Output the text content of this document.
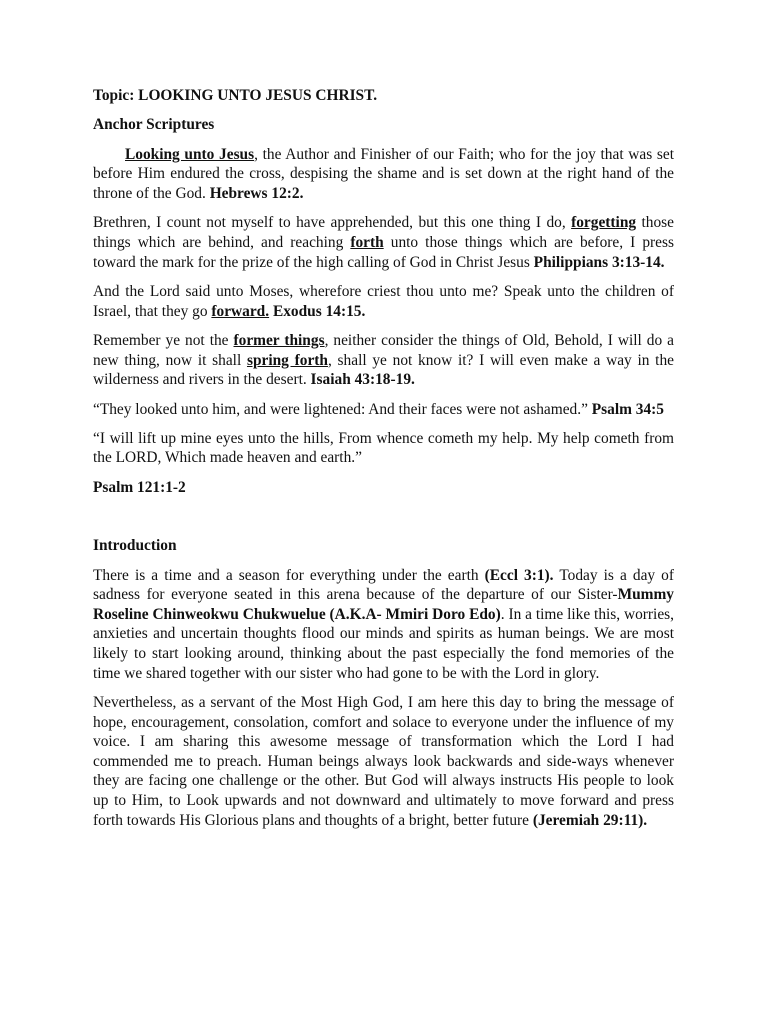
Topic: LOOKING UNTO JESUS CHRIST.

Anchor Scriptures

Looking unto Jesus, the Author and Finisher of our Faith; who for the joy that was set before Him endured the cross, despising the shame and is set down at the right hand of the throne of the God. Hebrews 12:2.

Brethren, I count not myself to have apprehended, but this one thing I do, forgetting those things which are behind, and reaching forth unto those things which are before, I press toward the mark for the prize of the high calling of God in Christ Jesus Philippians 3:13-14.

And the Lord said unto Moses, wherefore criest thou unto me? Speak unto the children of Israel, that they go forward. Exodus 14:15.

Remember ye not the former things, neither consider the things of Old, Behold, I will do a new thing, now it shall spring forth, shall ye not know it? I will even make a way in the wilderness and rivers in the desert. Isaiah 43:18-19.

“They looked unto him, and were lightened: And their faces were not ashamed.” Psalm 34:5

“I will lift up mine eyes unto the hills, From whence cometh my help. My help cometh from the LORD, Which made heaven and earth.”

Psalm 121:1-2

Introduction

There is a time and a season for everything under the earth (Eccl 3:1). Today is a day of sadness for everyone seated in this arena because of the departure of our Sister-Mummy Roseline Chinweokwu Chukwuelue (A.K.A- Mmiri Doro Edo). In a time like this, worries, anxieties and uncertain thoughts flood our minds and spirits as human beings. We are most likely to start looking around, thinking about the past especially the fond memories of the time we shared together with our sister who had gone to be with the Lord in glory.

Nevertheless, as a servant of the Most High God, I am here this day to bring the message of hope, encouragement, consolation, comfort and solace to everyone under the influence of my voice. I am sharing this awesome message of transformation which the Lord I had commended me to preach. Human beings always look backwards and side-ways whenever they are facing one challenge or the other. But God will always instructs His people to look up to Him, to Look upwards and not downward and ultimately to move forward and press forth towards His Glorious plans and thoughts of a bright, better future (Jeremiah 29:11).
